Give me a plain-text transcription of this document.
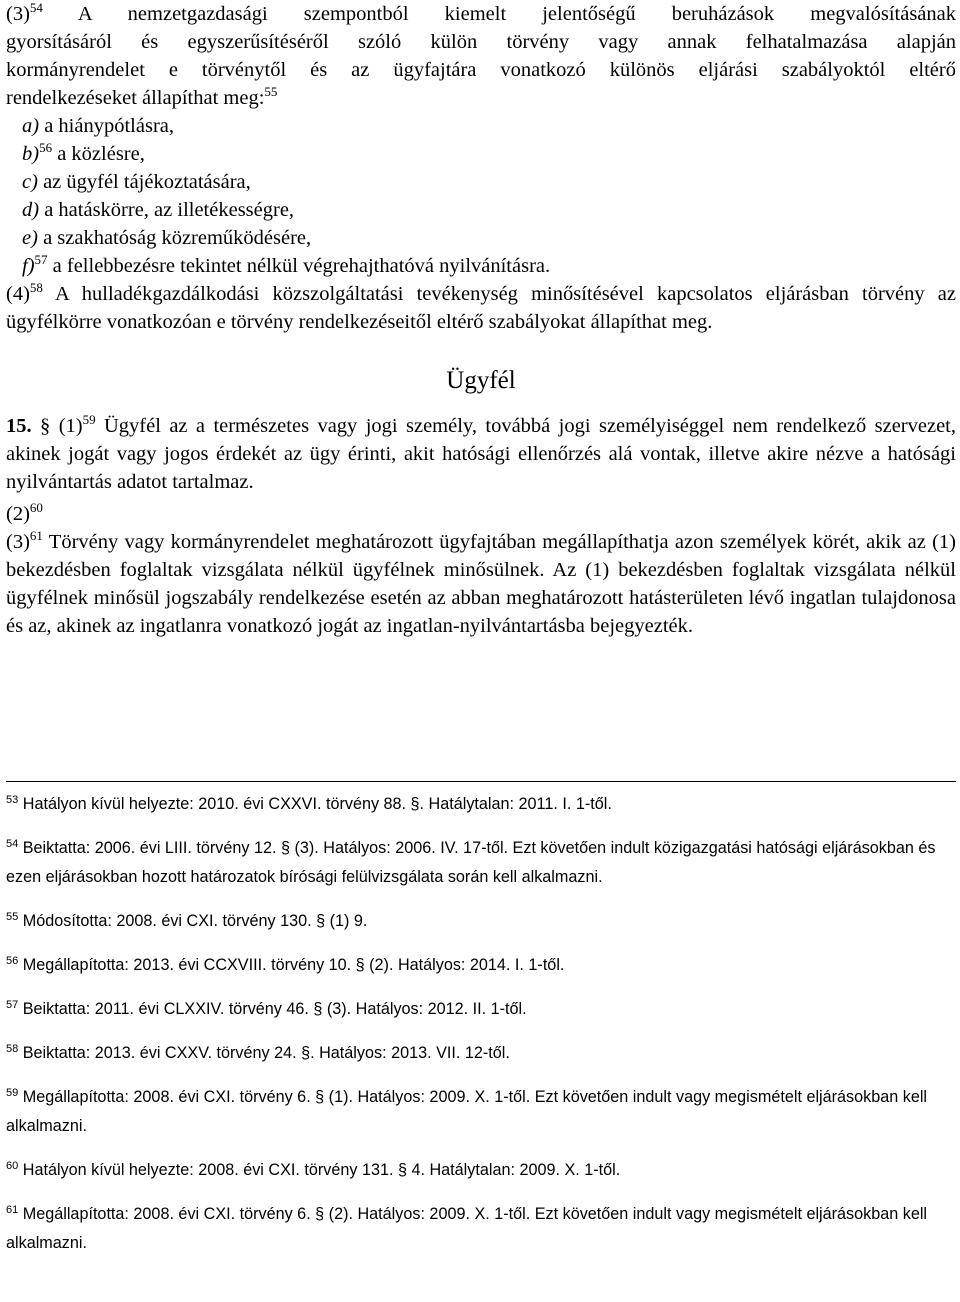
$(3)^{54}$ A nemzetgazdasági szempontból kiemelt jelentőségű beruházások megvalósításának

gyorsításáról és egyszerűsítéséről szóló külön törvény vagy annak felhatalmazása alapján

kormányrendelet e törvénytől és az ügyfajtára vonatkozó különös eljárási szabályoktól eltérő

rendelkezéseket állapíthat meg:$^{55}$

a) a hiánypótlásra,

b)$^{56}$ a közlésre,

c) az ügyfél tájékoztatására,

d) a hatáskörre, az illetékességre,

e) a szakhatóság közreműködésére,

f)$^{57}$ a fellebbezésre tekintet nélkül végrehajthatóvá nyilvánításra.

$(4)^{58}$ A hulladékgazdálkodási közszolgáltatási tevékenység minősítésével kapcsolatos eljárásban törvény az ügyfélkörre vonatkozóan e törvény rendelkezéseitől eltérő szabályokat állapíthat meg.

Ügyfél

15. § $(1)^{59}$ Ügyfél az a természetes vagy jogi személy, továbbá jogi személyiséggel nem rendelkező szervezet, akinek jogát vagy jogos érdekét az ügy érinti, akit hatósági ellenőrzés alá vontak, illetve akire nézve a hatósági nyilvántartás adatot tartalmaz.

$(2)^{60}$

$(3)^{61}$ Törvény vagy kormányrendelet meghatározott ügyfajtában megállapíthatja azon személyek körét, akik az (1) bekezdésben foglaltak vizsgálata nélkül ügyfélnek minősülnek. Az (1) bekezdésben foglaltak vizsgálata nélkül ügyfélnek minősül jogszabály rendelkezése esetén az abban meghatározott hatásterületen lévő ingatlan tulajdonosa és az, akinek az ingatlanra vonatkozó jogát az ingatlan-nyilvántartásba bejegyezték.

$^{53}$ Hatályon kívül helyezte: 2010. évi CXXVI. törvény 88. §. Hatálytalan: 2011. I. 1-től.

$^{54}$ Beiktatta: 2006. évi LIII. törvény 12. § (3). Hatályos: 2006. IV. 17-től. Ezt követően indult közigazgatási hatósági eljárásokban és ezen eljárásokban hozott határozatok bírósági felülvizsgálata során kell alkalmazni.

$^{55}$ Módosította: 2008. évi CXI. törvény 130. § (1) 9.

$^{56}$ Megállapította: 2013. évi CCXVIII. törvény 10. § (2). Hatályos: 2014. I. 1-től.

$^{57}$ Beiktatta: 2011. évi CLXXIV. törvény 46. § (3). Hatályos: 2012. II. 1-től.

$^{58}$ Beiktatta: 2013. évi CXXV. törvény 24. §. Hatályos: 2013. VII. 12-től.

$^{59}$ Megállapította: 2008. évi CXI. törvény 6. § (1). Hatályos: 2009. X. 1-től. Ezt követően indult vagy megismételt eljárásokban kell alkalmazni.

$^{60}$ Hatályon kívül helyezte: 2008. évi CXI. törvény 131. § 4. Hatálytalan: 2009. X. 1-től.

$^{61}$ Megállapította: 2008. évi CXI. törvény 6. § (2). Hatályos: 2009. X. 1-től. Ezt követően indult vagy megismételt eljárásokban kell alkalmazni.
